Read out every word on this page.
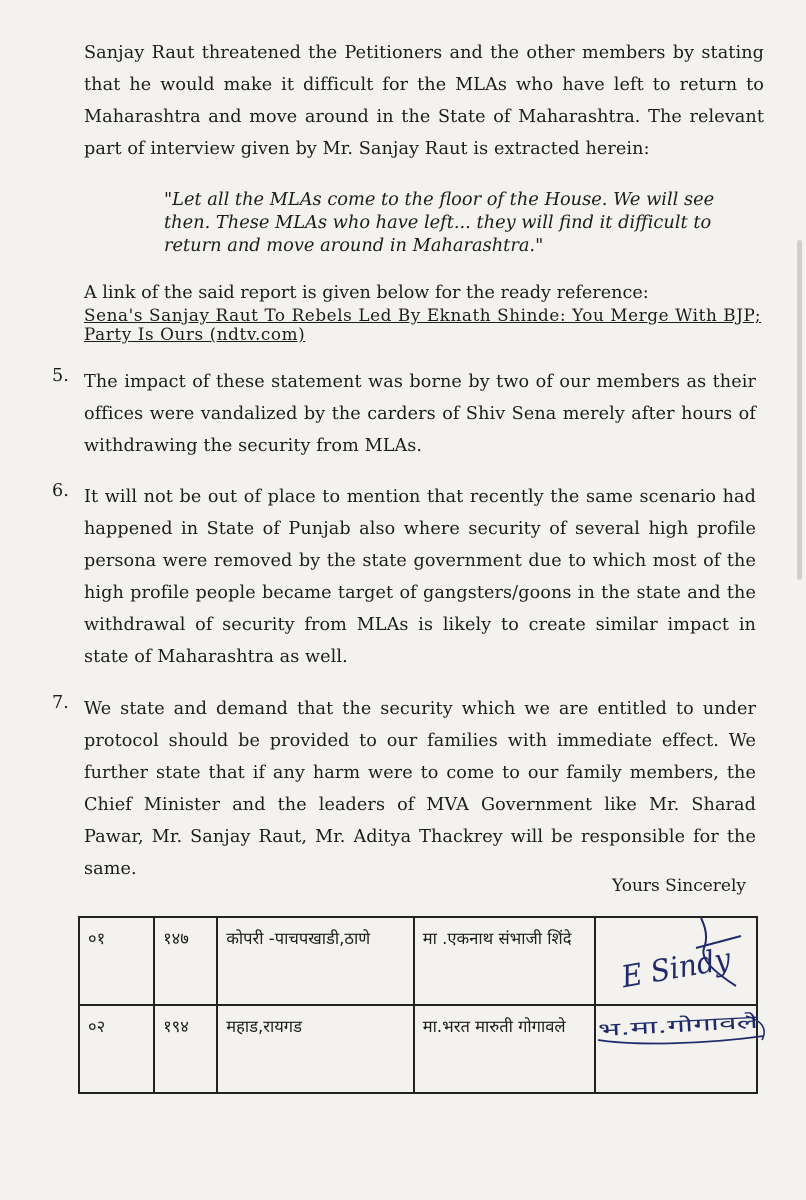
Sanjay Raut threatened the Petitioners and the other members by stating that he would make it difficult for the MLAs who have left to return to Maharashtra and move around in the State of Maharashtra. The relevant part of interview given by Mr. Sanjay Raut is extracted herein:
"Let all the MLAs come to the floor of the House. We will see then. These MLAs who have left... they will find it difficult to return and move around in Maharashtra."
A link of the said report is given below for the ready reference:
Sena's Sanjay Raut To Rebels Led By Eknath Shinde: You Merge With BJP; Party Is Ours (ndtv.com)
5. The impact of these statement was borne by two of our members as their offices were vandalized by the carders of Shiv Sena merely after hours of withdrawing the security from MLAs.
6. It will not be out of place to mention that recently the same scenario had happened in State of Punjab also where security of several high profile persona were removed by the state government due to which most of the high profile people became target of gangsters/goons in the state and the withdrawal of security from MLAs is likely to create similar impact in state of Maharashtra as well.
7. We state and demand that the security which we are entitled to under protocol should be provided to our families with immediate effect. We further state that if any harm were to come to our family members, the Chief Minister and the leaders of MVA Government like Mr. Sharad Pawar, Mr. Sanjay Raut, Mr. Aditya Thackrey will be responsible for the same.
Yours Sincerely
०१	१४७	कोपरी -पाचपखाडी,ठाणे	मा .एकनाथ संभाजी शिंदे	E Sindy

०२	१९४	महाड,रायगड	मा.भरत मारुती गोगावले	भ.मा.गोगावले
